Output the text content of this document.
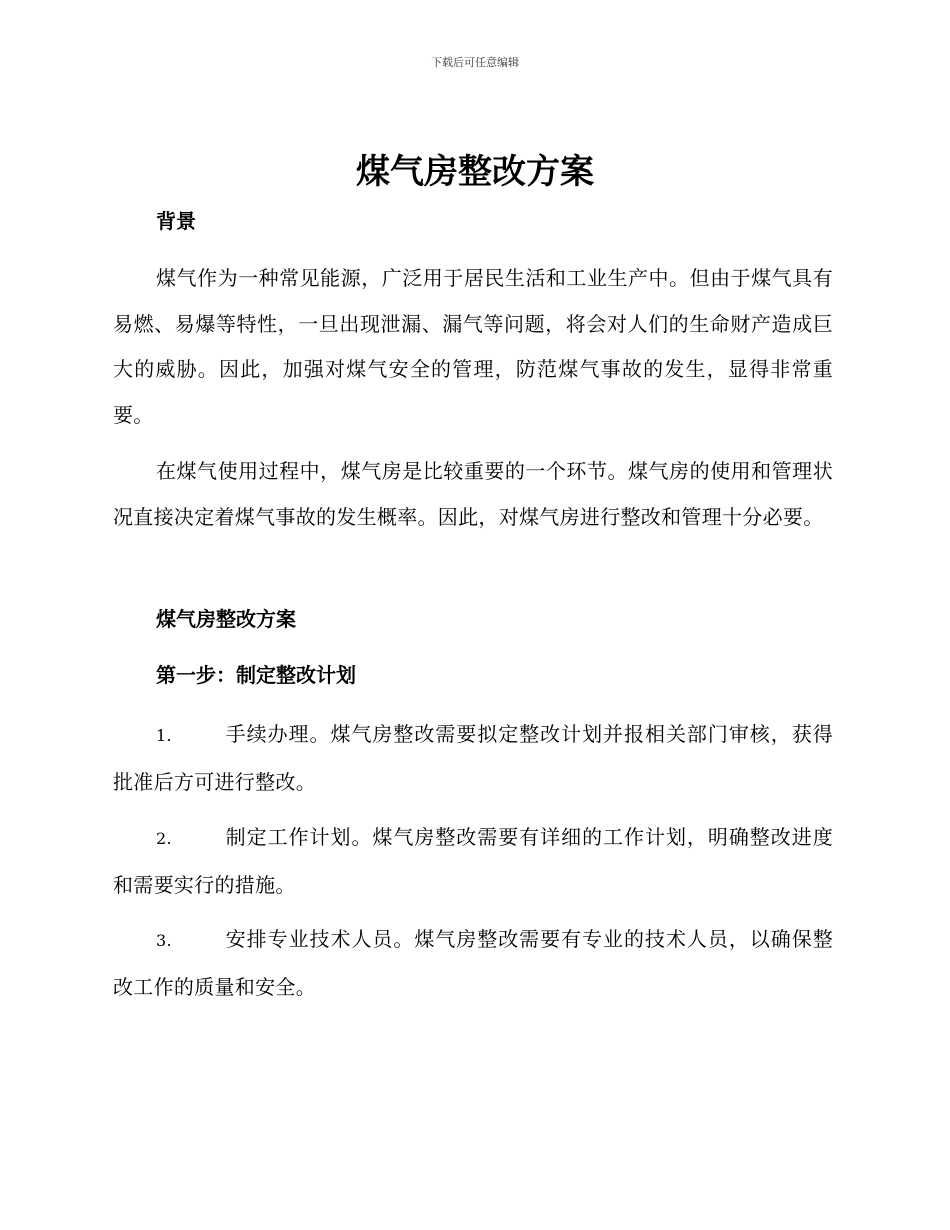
下载后可任意编辑
煤气房整改方案
背景

煤气作为一种常见能源，广泛用于居民生活和工业生产中。但由于煤气具有易燃、易爆等特性，一旦出现泄漏、漏气等问题，将会对人们的生命财产造成巨大的威胁。因此，加强对煤气安全的管理，防范煤气事故的发生，显得非常重要。

在煤气使用过程中，煤气房是比较重要的一个环节。煤气房的使用和管理状况直接决定着煤气事故的发生概率。因此，对煤气房进行整改和管理十分必要。

煤气房整改方案
第一步：制定整改计划

1.	手续办理。煤气房整改需要拟定整改计划并报相关部门审核，获得批准后方可进行整改。

2.	制定工作计划。煤气房整改需要有详细的工作计划，明确整改进度和需要实行的措施。

3.	安排专业技术人员。煤气房整改需要有专业的技术人员，以确保整改工作的质量和安全。
